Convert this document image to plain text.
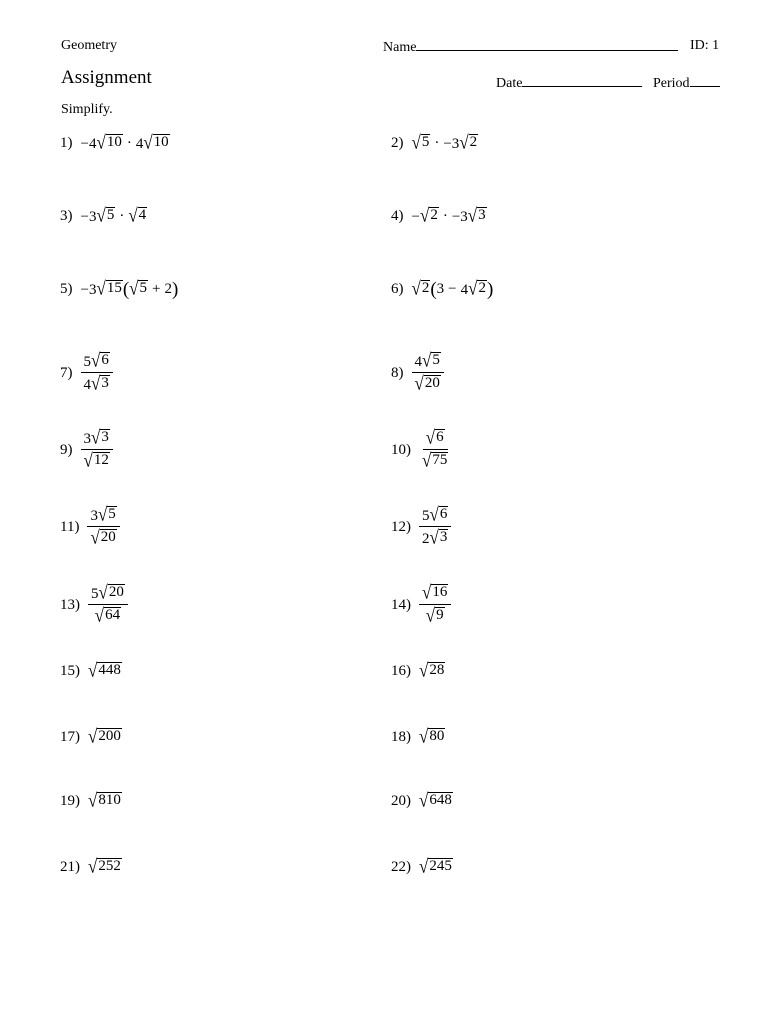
Geometry	Name	ID: 1
Assignment	Date	Period
Simplify.
1) −4 √ 10 · 4 √ 10	2) √ 5 · −3 √ 2
3) −3 √ 5 · √ 4	4) − √ 2 · −3 √ 3
5) −3 √ 15 ( √ 5 + 2 )	6) √ 2 ( 3 − 4 √ 2 )
$7) \frac{5 √ 6}{4 √ 3}$	$8) \frac{4 √ 5}{√ 20}$
$9) \frac{3 √ 3}{√ 12}$	$10) \frac{√ 6}{√ 75}$
$11) \frac{3 √ 5}{√ 20}$	$12) \frac{5 √ 6}{2 √ 3}$
$13) \frac{5 √ 20}{√ 64}$	$14) \frac{√ 16}{√ 9}$
15) √ 448	16) √ 28
17) √ 200	18) √ 80
19) √ 810	20) √ 648
21) √ 252	22) √ 245
